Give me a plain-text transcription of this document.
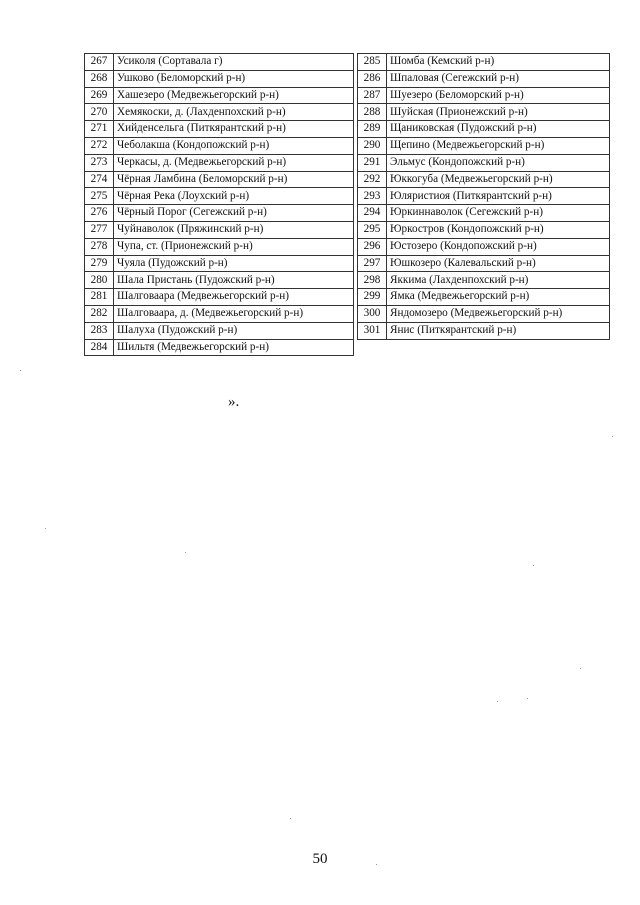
267	Усиколя (Сортавала г)
268	Ушково (Беломорский р-н)
269	Хашезеро (Медвежьегорский р-н)
270	Хемякоски, д. (Лахденпохский р-н)
271	Хийденсельга (Питкярантский р-н)
272	Чеболакша (Кондопожский р-н)
273	Черкасы, д. (Медвежьегорский р-н)
274	Чёрная Ламбина (Беломорский р-н)
275	Чёрная Река (Лоухский р-н)
276	Чёрный Порог (Сегежский р-н)
277	Чуйнаволок (Пряжинский р-н)
278	Чупа, ст. (Прионежский р-н)
279	Чуяла (Пудожский р-н)
280	Шала Пристань (Пудожский р-н)
281	Шалговаара (Медвежьегорский р-н)
282	Шалговаара, д. (Медвежьегорский р-н)
283	Шалуха (Пудожский р-н)
284	Шильтя (Медвежьегорский р-н)
285	Шомба (Кемский р-н)
286	Шпаловая (Сегежский р-н)
287	Шуезеро (Беломорский р-н)
288	Шуйская (Прионежский р-н)
289	Щаниковская (Пудожский р-н)
290	Щепино (Медвежьегорский р-н)
291	Эльмус (Кондопожский р-н)
292	Юккогуба (Медвежьегорский р-н)
293	Юляристиоя (Питкярантский р-н)
294	Юркиннаволок (Сегежский р-н)
295	Юркостров (Кондопожский р-н)
296	Юстозеро (Кондопожский р-н)
297	Юшкозеро (Калевальский р-н)
298	Яккима (Лахденпохский р-н)
299	Ямка (Медвежьегорский р-н)
300	Яндомозеро (Медвежьегорский р-н)
301	Янис (Питкярантский р-н)
».
50
